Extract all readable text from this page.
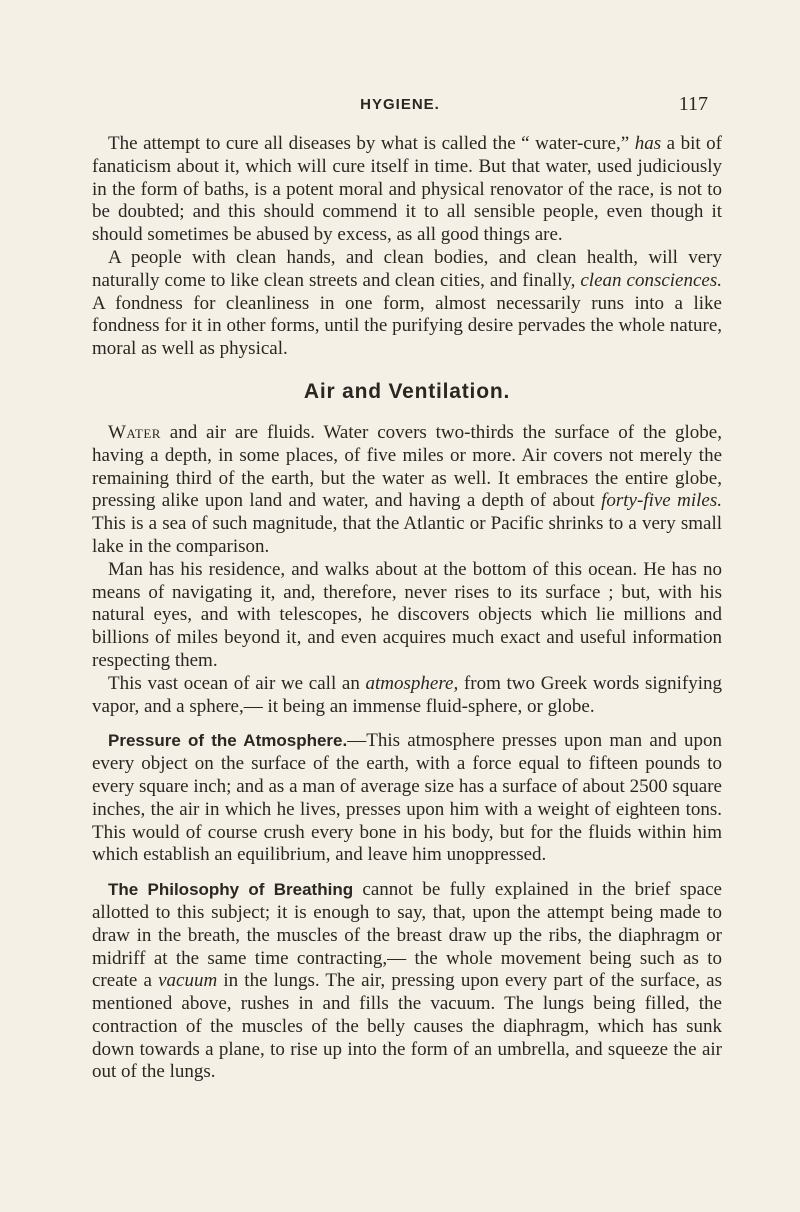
HYGIENE.	117

The attempt to cure all diseases by what is called the “ water-cure,” has a bit of fanaticism about it, which will cure itself in time. But that water, used judiciously in the form of baths, is a potent moral and physical renovator of the race, is not to be doubted; and this should commend it to all sensible people, even though it should sometimes be abused by excess, as all good things are.

A people with clean hands, and clean bodies, and clean health, will very naturally come to like clean streets and clean cities, and finally, clean consciences. A fondness for cleanliness in one form, almost necessarily runs into a like fondness for it in other forms, until the purifying desire pervades the whole nature, moral as well as physical.

Air and Ventilation.

Water and air are fluids. Water covers two-thirds the surface of the globe, having a depth, in some places, of five miles or more. Air covers not merely the remaining third of the earth, but the water as well. It embraces the entire globe, pressing alike upon land and water, and having a depth of about forty-five miles. This is a sea of such magnitude, that the Atlantic or Pacific shrinks to a very small lake in the comparison.

Man has his residence, and walks about at the bottom of this ocean. He has no means of navigating it, and, therefore, never rises to its surface ; but, with his natural eyes, and with telescopes, he discovers objects which lie millions and billions of miles beyond it, and even acquires much exact and useful information respecting them.

This vast ocean of air we call an atmosphere, from two Greek words signifying vapor, and a sphere,— it being an immense fluid-sphere, or globe.

Pressure of the Atmosphere.—This atmosphere presses upon man and upon every object on the surface of the earth, with a force equal to fifteen pounds to every square inch; and as a man of average size has a surface of about 2500 square inches, the air in which he lives, presses upon him with a weight of eighteen tons. This would of course crush every bone in his body, but for the fluids within him which establish an equilibrium, and leave him unoppressed.

The Philosophy of Breathing cannot be fully explained in the brief space allotted to this subject; it is enough to say, that, upon the attempt being made to draw in the breath, the muscles of the breast draw up the ribs, the diaphragm or midriff at the same time contracting,— the whole movement being such as to create a vacuum in the lungs. The air, pressing upon every part of the surface, as mentioned above, rushes in and fills the vacuum. The lungs being filled, the contraction of the muscles of the belly causes the diaphragm, which has sunk down towards a plane, to rise up into the form of an umbrella, and squeeze the air out of the lungs.
